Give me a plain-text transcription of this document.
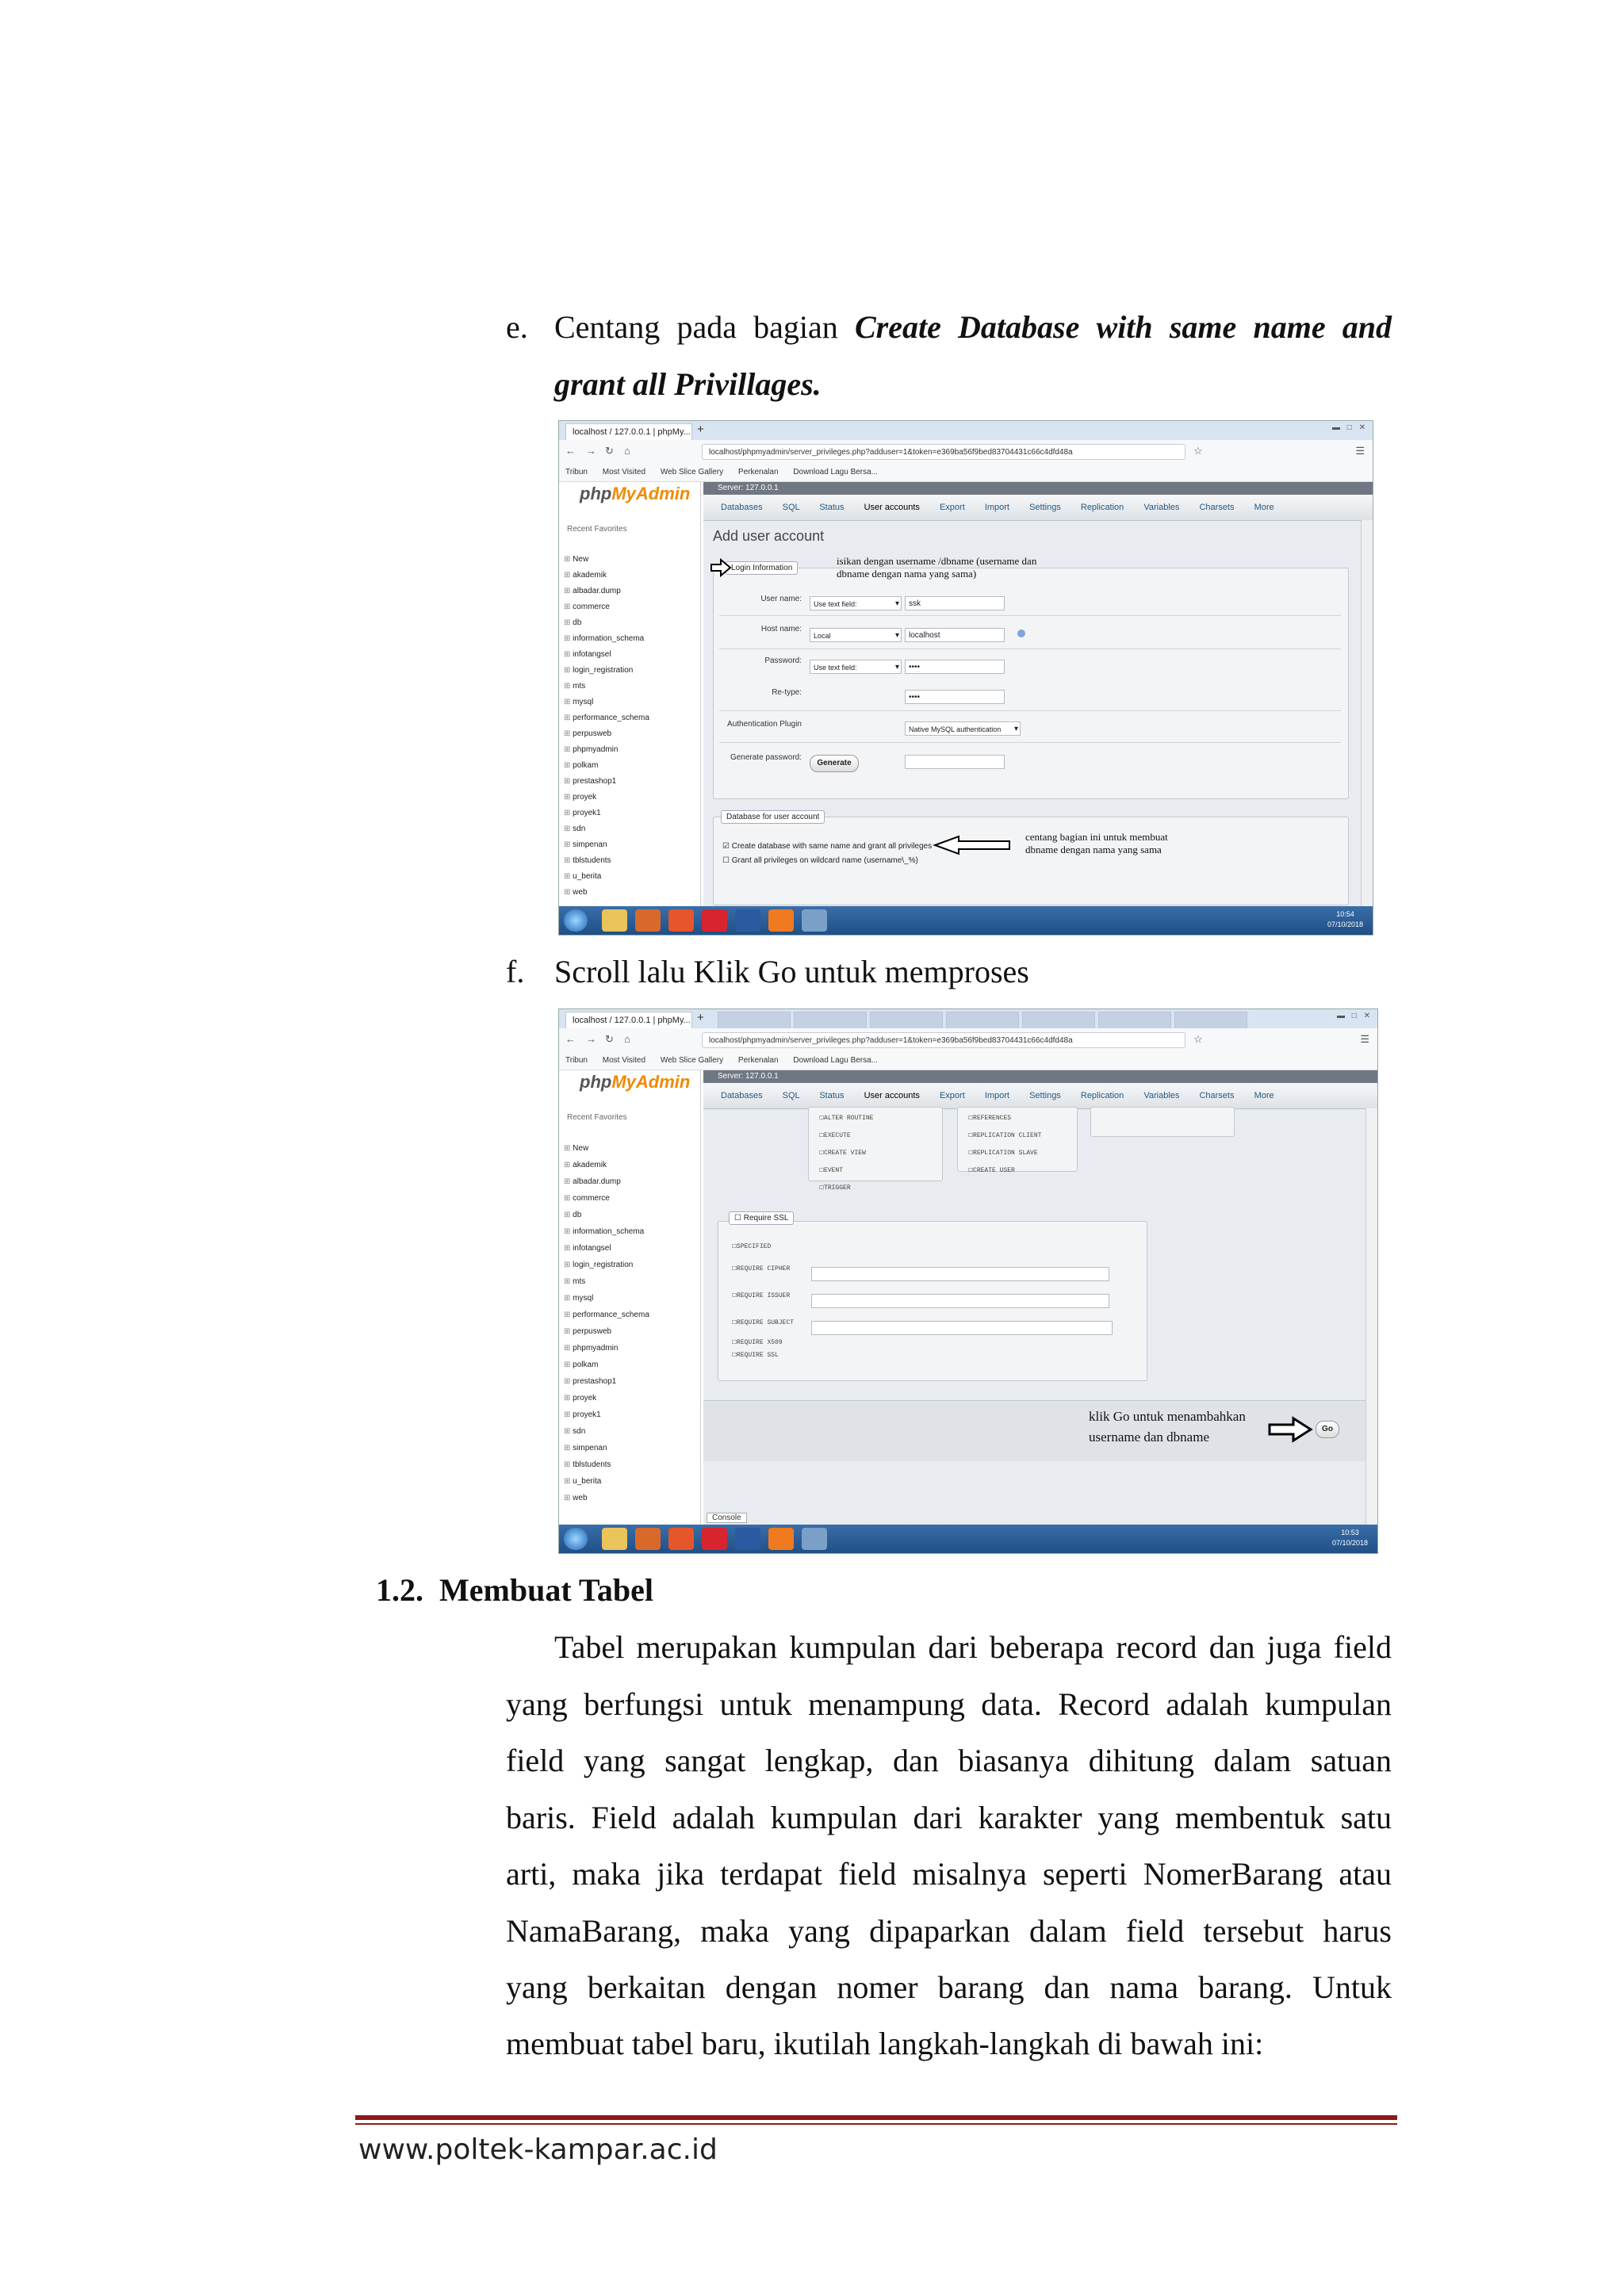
e. Centang pada bagian Create Database with same name and
grant all Privillages.
localhost / 127.0.0.1 | phpMy... +	▬ □ ✕
← → ↻ ⌂	localhost/phpmyadmin/server_privileges.php?adduser=1&token=e369ba56f9bed83704431c66c4dfd48a	☆	☰
Tribun Most Visited Web Slice Gallery Perkenalan Download Lagu Bersa...
phpMyAdmin
Recent Favorites
⊞ New
⊞ akademik
⊞ albadar.dump
⊞ commerce
⊞ db
⊞ information_schema
⊞ infotangsel
⊞ login_registration
⊞ mts
⊞ mysql
⊞ performance_schema
⊞ perpusweb
⊞ phpmyadmin
⊞ polkam
⊞ prestashop1
⊞ proyek
⊞ proyek1
⊞ sdn
⊞ simpenan
⊞ tblstudents
⊞ u_berita
⊞ web
Server: 127.0.0.1
Databases SQL Status User accounts Export Import Settings Replication Variables Charsets More
Add user account
Login Information
isikan dengan username /dbname (username dan
dbname dengan nama yang sama)
User name:
Use text field: ▾	ssk
Host name:
Local ▾	localhost
Password:
Use text field: ▾	••••
Re-type:
••••
Authentication Plugin
Native MySQL authentication ▾
Generate password:
Generate
Database for user account
☑ Create database with same name and grant all privileges
☐ Grant all privileges on wildcard name (username\_%)
centang bagian ini untuk membuat
dbname dengan nama yang sama
10:54
07/10/2018
f. Scroll lalu Klik Go untuk memproses
localhost / 127.0.0.1 | phpMy... +	▬ □ ✕
← → ↻ ⌂	localhost/phpmyadmin/server_privileges.php?adduser=1&token=e369ba56f9bed83704431c66c4dfd48a	☆	☰
Tribun Most Visited Web Slice Gallery Perkenalan Download Lagu Bersa...
phpMyAdmin
Recent Favorites
⊞ New
⊞ akademik
⊞ albadar.dump
⊞ commerce
⊞ db
⊞ information_schema
⊞ infotangsel
⊞ login_registration
⊞ mts
⊞ mysql
⊞ performance_schema
⊞ perpusweb
⊞ phpmyadmin
⊞ polkam
⊞ prestashop1
⊞ proyek
⊞ proyek1
⊞ sdn
⊞ simpenan
⊞ tblstudents
⊞ u_berita
⊞ web
Server: 127.0.0.1
Databases SQL Status User accounts Export Import Settings Replication Variables Charsets More
☐ ALTER ROUTINE
☐ EXECUTE
☐ CREATE VIEW
☐ EVENT
☐ TRIGGER
☐ REFERENCES
☐ REPLICATION CLIENT
☐ REPLICATION SLAVE
☐ CREATE USER
☐ Require SSL
☐ SPECIFIED
☐ REQUIRE CIPHER
☐ REQUIRE ISSUER
☐ REQUIRE SUBJECT
☐ REQUIRE X509
☐ REQUIRE SSL
klik Go untuk menambahkan
username dan dbname
Go
Console
10:53
07/10/2018
1.2. Membuat Tabel
Tabel merupakan kumpulan dari beberapa record dan juga field
yang berfungsi untuk menampung data. Record adalah kumpulan
field yang sangat lengkap, dan biasanya dihitung dalam satuan
baris. Field adalah kumpulan dari karakter yang membentuk satu
arti, maka jika terdapat field misalnya seperti NomerBarang atau
NamaBarang, maka yang dipaparkan dalam field tersebut harus
yang berkaitan dengan nomer barang dan nama barang. Untuk
membuat tabel baru, ikutilah langkah-langkah di bawah ini:
www.poltek-kampar.ac.id
